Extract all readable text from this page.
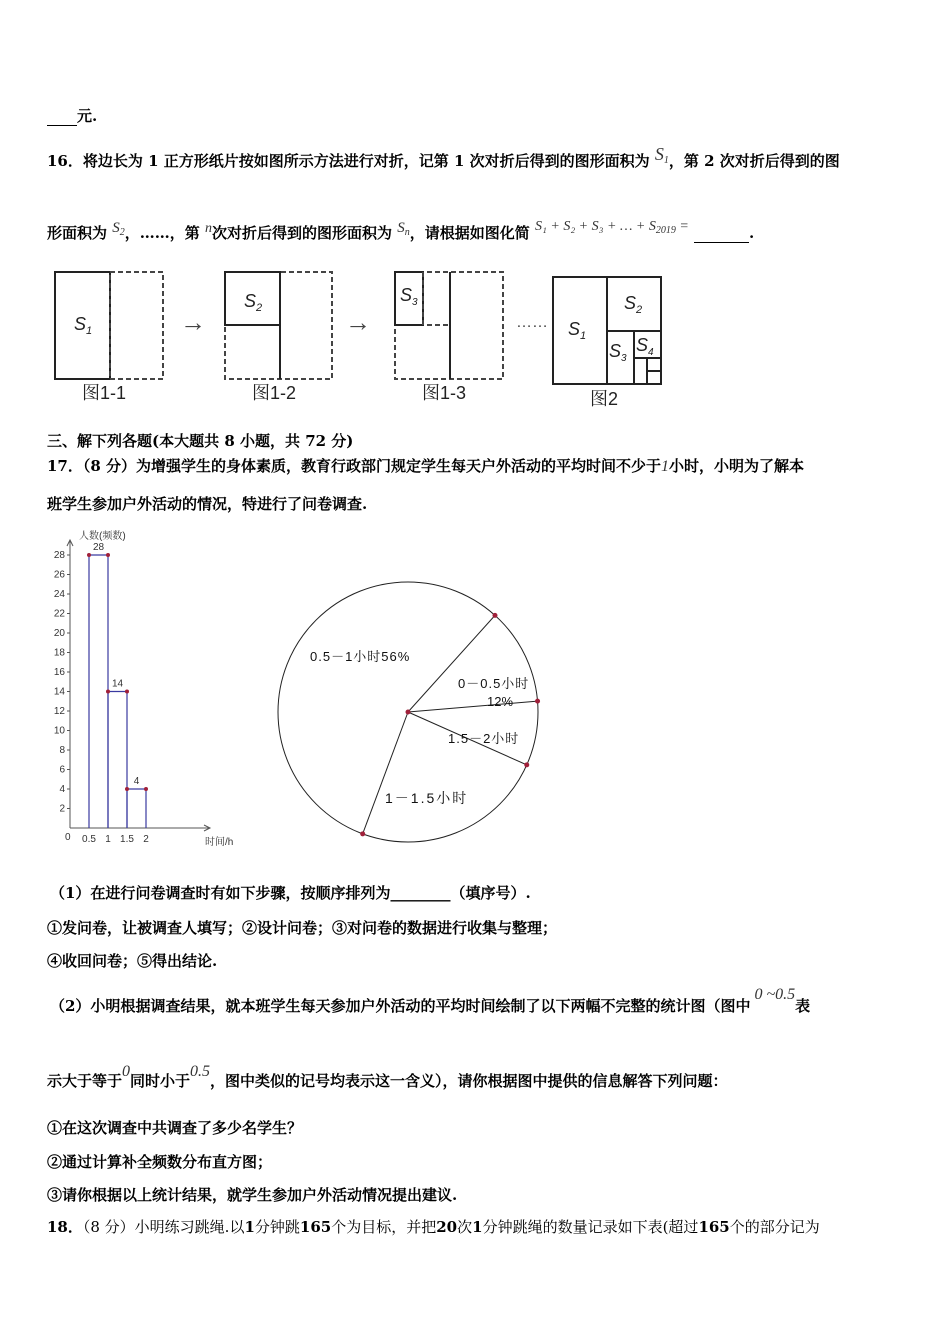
元.
16．将边长为 1 正方形纸片按如图所示方法进行对折，记第 1 次对折后得到的图形面积为 $S_1$，第 2 次对折后得到的图
形面积为 $S_2$，……，第 n次对折后得到的图形面积为 $S_n$，请根据如图化简 S₁ + S₂ + S₃ + … + $S_{2019}$ =	.
$S_1$
图1-1
→
$S_2$
图1-2
→
$S_3$
图1-3
…… $S_1$
$S_2$
$S_3$
$S_4$
图2
三、解下列各题(本大题共 8 小题，共 72 分)
17．（8 分）为增强学生的身体素质，教育行政部门规定学生每天户外活动的平均时间不少于1小时，小明为了解本
班学生参加户外活动的情况，特进行了问卷调查.
人数(频数)
时间/h
0
2
4
6
8
10
12
14
16
18
20
22
24
26
28
0.5 1 1.5 2
28
14
4
0.5－1小时56%
0－0.5小时
12%
1.5－2小时
1－1.5小时
（1）在进行问卷调查时有如下步骤，按顺序排列为________（填序号）.
①发问卷，让被调查人填写；②设计问卷；③对问卷的数据进行收集与整理；
④收回问卷；⑤得出结论.
（2）小明根据调查结果，就本班学生每天参加户外活动的平均时间绘制了以下两幅不完整的统计图（图中0 ~0.5表
示大于等于0同时小于0.5，图中类似的记号均表示这一含义），请你根据图中提供的信息解答下列问题：
①在这次调查中共调查了多少名学生？
②通过计算补全频数分布直方图；
③请你根据以上统计结果，就学生参加户外活动情况提出建议.
18．（8 分）小明练习跳绳.以1分钟跳165个为目标，并把20次1分钟跳绳的数量记录如下表(超过165个的部分记为
